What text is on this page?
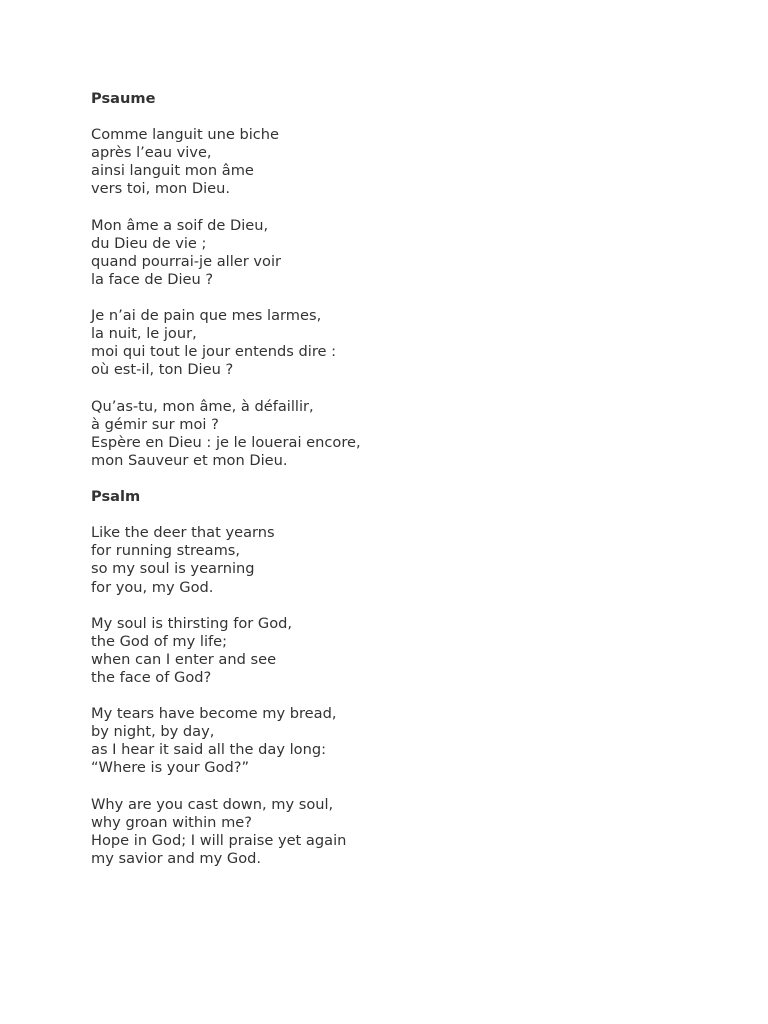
Psaume
Comme languit une biche
après l’eau vive,
ainsi languit mon âme
vers toi, mon Dieu.
Mon âme a soif de Dieu,
du Dieu de vie ;
quand pourrai-je aller voir
la face de Dieu ?
Je n’ai de pain que mes larmes,
la nuit, le jour,
moi qui tout le jour entends dire :
où est-il, ton Dieu ?
Qu’as-tu, mon âme, à défaillir,
à gémir sur moi ?
Espère en Dieu : je le louerai encore,
mon Sauveur et mon Dieu.
Psalm
Like the deer that yearns
for running streams,
so my soul is yearning
for you, my God.
My soul is thirsting for God,
the God of my life;
when can I enter and see
the face of God?
My tears have become my bread,
by night, by day,
as I hear it said all the day long:
“Where is your God?”
Why are you cast down, my soul,
why groan within me?
Hope in God; I will praise yet again
my savior and my God.
